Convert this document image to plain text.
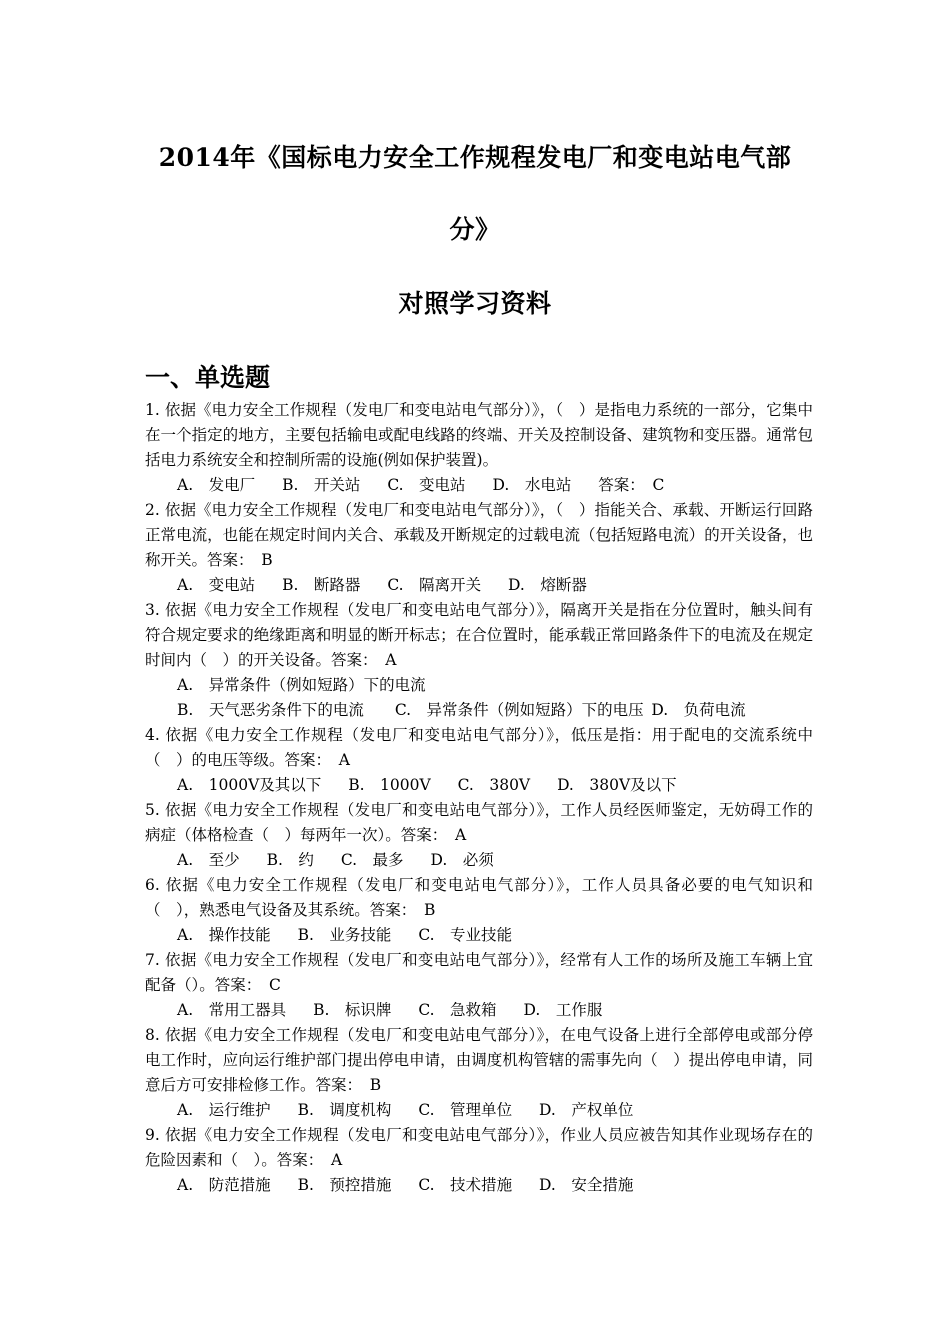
2014年《国标电力安全工作规程发电厂和变电站电气部
分》
对照学习资料
一、单选题

1. 依据《电力安全工作规程（发电厂和变电站电气部分）》，（　）是指电力系统的一部分，它集中在一个指定的地方，主要包括输电或配电线路的终端、开关及控制设备、建筑物和变压器。通常包括电力系统安全和控制所需的设施(例如保护装置)。

A.　发电厂 B.　开关站 C.　变电站 D.　水电站 答案：　C

2. 依据《电力安全工作规程（发电厂和变电站电气部分）》，（　）指能关合、承载、开断运行回路正常电流，也能在规定时间内关合、承载及开断规定的过载电流（包括短路电流）的开关设备，也称开关。答案：　B

A.　变电站 B.　断路器 C.　隔离开关 D.　熔断器

3. 依据《电力安全工作规程（发电厂和变电站电气部分）》，隔离开关是指在分位置时，触头间有符合规定要求的绝缘距离和明显的断开标志；在合位置时，能承载正常回路条件下的电流及在规定时间内（　）的开关设备。答案：　A

A.　异常条件（例如短路）下的电流

B.　天气恶劣条件下的电流   C.　异常条件（例如短路）下的电压  D.　负荷电流

4. 依据《电力安全工作规程（发电厂和变电站电气部分）》，低压是指：用于配电的交流系统中（　）的电压等级。答案：　A

A.　1000V及其以下 B.　1000V C.　380V D.　380V及以下

5. 依据《电力安全工作规程（发电厂和变电站电气部分）》，工作人员经医师鉴定，无妨碍工作的病症（体格检查（　）每两年一次）。答案：　A

A.　至少 B.　约 C.　最多 D.　必须

6. 依据《电力安全工作规程（发电厂和变电站电气部分）》，工作人员具备必要的电气知识和（　），熟悉电气设备及其系统。答案：　B

A.　操作技能 B.　业务技能 C.　专业技能

7. 依据《电力安全工作规程（发电厂和变电站电气部分）》，经常有人工作的场所及施工车辆上宜配备（）。答案：　C

A.　常用工器具 B.　标识牌 C.　急救箱 D.　工作服

8. 依据《电力安全工作规程（发电厂和变电站电气部分）》，在电气设备上进行全部停电或部分停电工作时，应向运行维护部门提出停电申请，由调度机构管辖的需事先向（　）提出停电申请，同意后方可安排检修工作。答案：　B

A.　运行维护 B.　调度机构 C.　管理单位 D.　产权单位

9. 依据《电力安全工作规程（发电厂和变电站电气部分）》，作业人员应被告知其作业现场存在的危险因素和（　）。答案：　A

A.　防范措施 B.　预控措施 C.　技术措施 D.　安全措施
